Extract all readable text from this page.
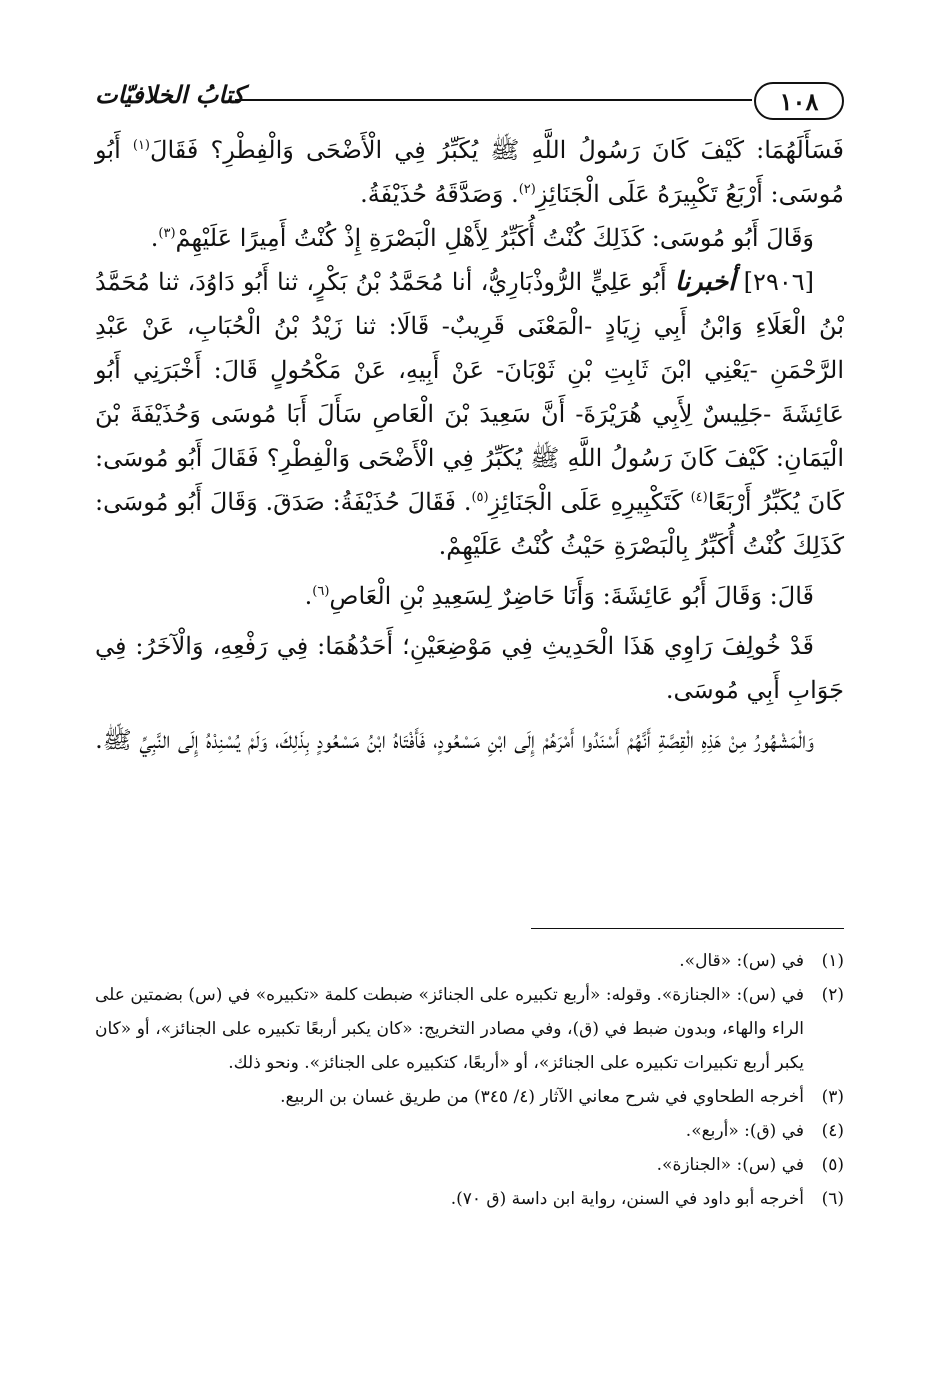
١٠٨
كتابُ الخلافيّات

فَسَأَلَهُمَا: كَيْفَ كَانَ رَسُولُ اللَّهِ ﷺ يُكَبِّرُ فِي الْأَضْحَى وَالْفِطْرِ؟ فَقَالَ$^{(١)}$ أَبُو مُوسَى: أَرْبَعُ تَكْبِيرَهُ عَلَى الْجَنَائِزِ$^{(٢)}$. وَصَدَّقَهُ حُذَيْفَةُ.

وَقَالَ أَبُو مُوسَى: كَذَلِكَ كُنْتُ أُكَبِّرُ لِأَهْلِ الْبَصْرَةِ إِذْ كُنْتُ أَمِيرًا عَلَيْهِمْ$^{(٣)}$.

[٢٩٠٦] أخبرنا أَبُو عَلِيٍّ الرُّوذْبَارِيُّ، أنا مُحَمَّدُ بْنُ بَكْرٍ، ثنا أَبُو دَاوُدَ، ثنا مُحَمَّدُ بْنُ الْعَلَاءِ وَابْنُ أَبِي زِيَادٍ -الْمَعْنَى قَرِيبٌ- قَالَا: ثنا زَيْدُ بْنُ الْحُبَابِ، عَنْ عَبْدِ الرَّحْمَنِ -يَعْنِي ابْنَ ثَابِتِ بْنِ ثَوْبَانَ- عَنْ أَبِيهِ، عَنْ مَكْحُولٍ قَالَ: أَخْبَرَنِي أَبُو عَائِشَةَ -جَلِيسٌ لِأَبِي هُرَيْرَةَ- أَنَّ سَعِيدَ بْنَ الْعَاصِ سَأَلَ أَبَا مُوسَى وَحُذَيْفَةَ بْنَ الْيَمَانِ: كَيْفَ كَانَ رَسُولُ اللَّهِ ﷺ يُكَبِّرُ فِي الْأَضْحَى وَالْفِطْرِ؟ فَقَالَ أَبُو مُوسَى: كَانَ يُكَبِّرُ أَرْبَعًا$^{(٤)}$ كَتَكْبِيرِهِ عَلَى الْجَنَائِزِ$^{(٥)}$. فَقَالَ حُذَيْفَةُ: صَدَقَ. وَقَالَ أَبُو مُوسَى: كَذَلِكَ كُنْتُ أُكَبِّرُ بِالْبَصْرَةِ حَيْثُ كُنْتُ عَلَيْهِمْ.

قَالَ: وَقَالَ أَبُو عَائِشَةَ: وَأَنَا حَاضِرٌ لِسَعِيدِ بْنِ الْعَاصِ$^{(٦)}$.

قَدْ خُولِفَ رَاوِي هَذَا الْحَدِيثِ فِي مَوْضِعَيْنِ؛ أَحَدُهُمَا: فِي رَفْعِهِ، وَالْآخَرُ: فِي جَوَابِ أَبِي مُوسَى.

وَالْمَشْهُورُ مِنْ هَذِهِ الْقِصَّةِ أَنَّهُمْ أَسْنَدُوا أَمْرَهُمْ إِلَى ابْنِ مَسْعُودٍ، فَأَفْتَاهُ ابْنُ مَسْعُودٍ بِذَلِكَ، وَلَمْ يُسْنِدْهُ إِلَى النَّبِيِّ ﷺ.

(١)
في (س): «قال».
(٢)
في (س): «الجنازة». وقوله: «أربع تكبيره على الجنائز» ضبطت كلمة «تكبيره» في (س) بضمتين على الراء والهاء، وبدون ضبط في (ق)، وفي مصادر التخريج: «كان يكبر أربعًا تكبيره على الجنائز»، أو «كان يكبر أربع تكبيرات تكبيره على الجنائز»، أو «أربعًا، كتكبيره على الجنائز». ونحو ذلك.
(٣)
أخرجه الطحاوي في شرح معاني الآثار (٤/ ٣٤٥) من طريق غسان بن الربيع.
(٤)
في (ق): «أربع».
(٥)
في (س): «الجنازة».
(٦)
أخرجه أبو داود في السنن، رواية ابن داسة (ق ٧٠).
